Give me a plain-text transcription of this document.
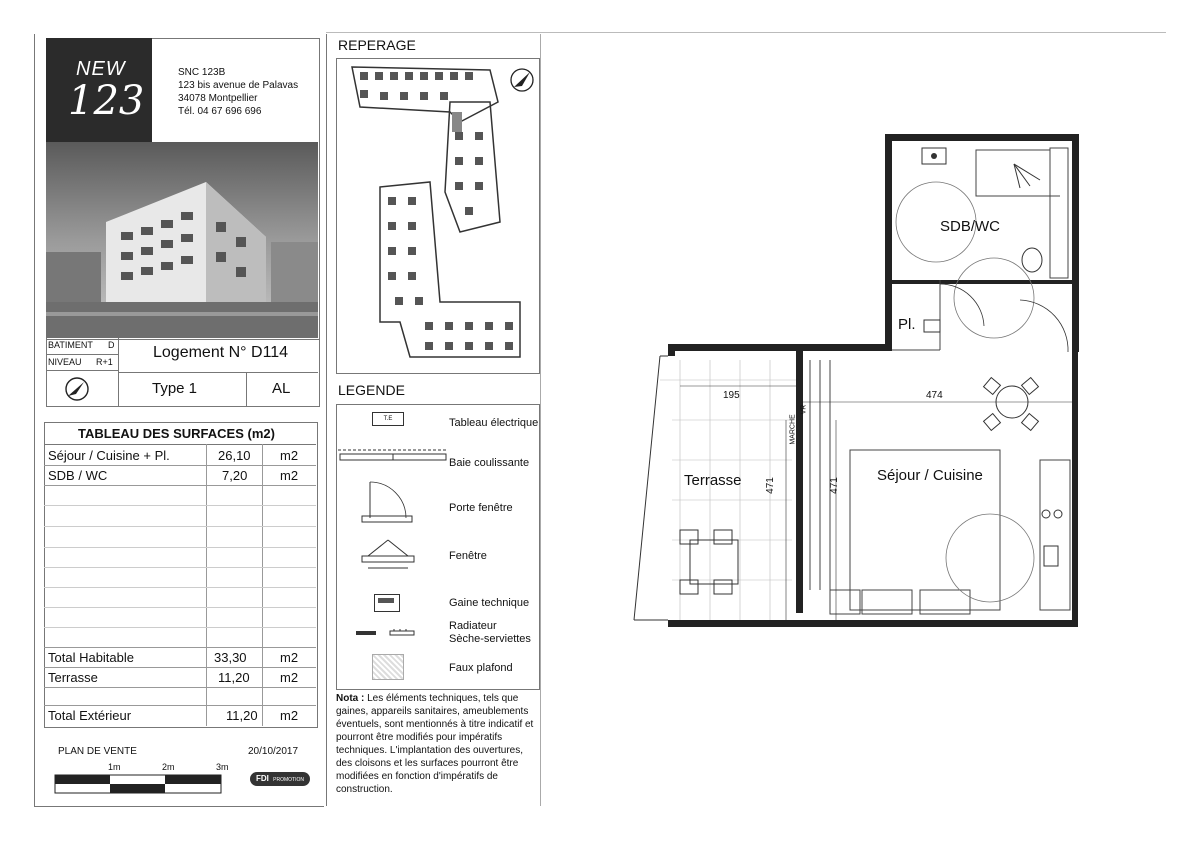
NEW
123
SNC 123B
123 bis avenue de Palavas
34078 Montpellier
Tél. 04 67 696 696
BATIMENT D
NIVEAU R+1
Logement N° D114
Type 1	AL
TABLEAU DES SURFACES (m2)
Séjour / Cuisine + Pl.	26,10 m2
SDB / WC	7,20	m2
Total Habitable	33,30	m2
Terrasse	11,20 m2
Total Extérieur	11,20 m2
PLAN DE VENTE	20/10/2017
1m	2m	3m
FDI PROMOTION
REPERAGE
LEGENDE
T.E	Tableau électrique
Baie coulissante
Porte fenêtre
Fenêtre
Gaine technique
Radiateur
Sèche-serviettes
Faux plafond
Nota : Les éléments techniques, tels que gaines, appareils sanitaires, ameublements éventuels, sont mentionnés à titre indicatif et pourront être modifiés pour impératifs techniques. L'implantation des ouvertures, des cloisons et les surfaces pourront être modifiées en fonction d'impératifs de construction.
SDB/WC
Pl.
Terrasse	Séjour / Cuisine
195	474
471	471
MARCHE
VR
